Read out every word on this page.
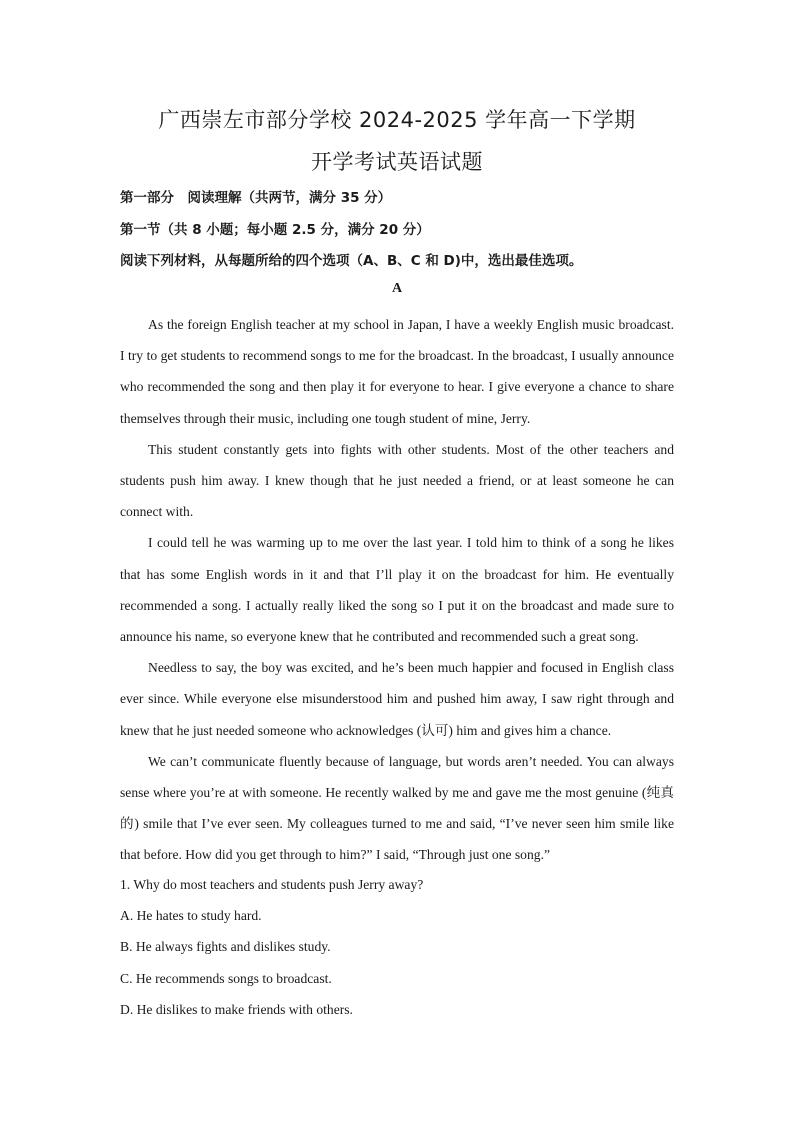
广西崇左市部分学校 2024-2025 学年高一下学期
开学考试英语试题
第一部分　阅读理解（共两节，满分 35 分）
第一节（共 8 小题；每小题 2.5 分，满分 20 分）
阅读下列材料，从每题所给的四个选项（A、B、C 和 D)中，选出最佳选项。
A

As the foreign English teacher at my school in Japan, I have a weekly English music broadcast. I try to get students to recommend songs to me for the broadcast. In the broadcast, I usually announce who recommended the song and then play it for everyone to hear. I give everyone a chance to share themselves through their music, including one tough student of mine, Jerry.

This student constantly gets into fights with other students. Most of the other teachers and students push him away. I knew though that he just needed a friend, or at least someone he can connect with.

I could tell he was warming up to me over the last year. I told him to think of a song he likes that has some English words in it and that I’ll play it on the broadcast for him. He eventually recommended a song. I actually really liked the song so I put it on the broadcast and made sure to announce his name, so everyone knew that he contributed and recommended such a great song.

Needless to say, the boy was excited, and he’s been much happier and focused in English class ever since. While everyone else misunderstood him and pushed him away, I saw right through and knew that he just needed someone who acknowledges (认可) him and gives him a chance.

We can’t communicate fluently because of language, but words aren’t needed. You can always sense where you’re at with someone. He recently walked by me and gave me the most genuine (纯真的) smile that I’ve ever seen. My colleagues turned to me and said, “I’ve never seen him smile like that before. How did you get through to him?” I said, “Through just one song.”

1. Why do most teachers and students push Jerry away?
A. He hates to study hard.
B. He always fights and dislikes study.
C. He recommends songs to broadcast.
D. He dislikes to make friends with others.
